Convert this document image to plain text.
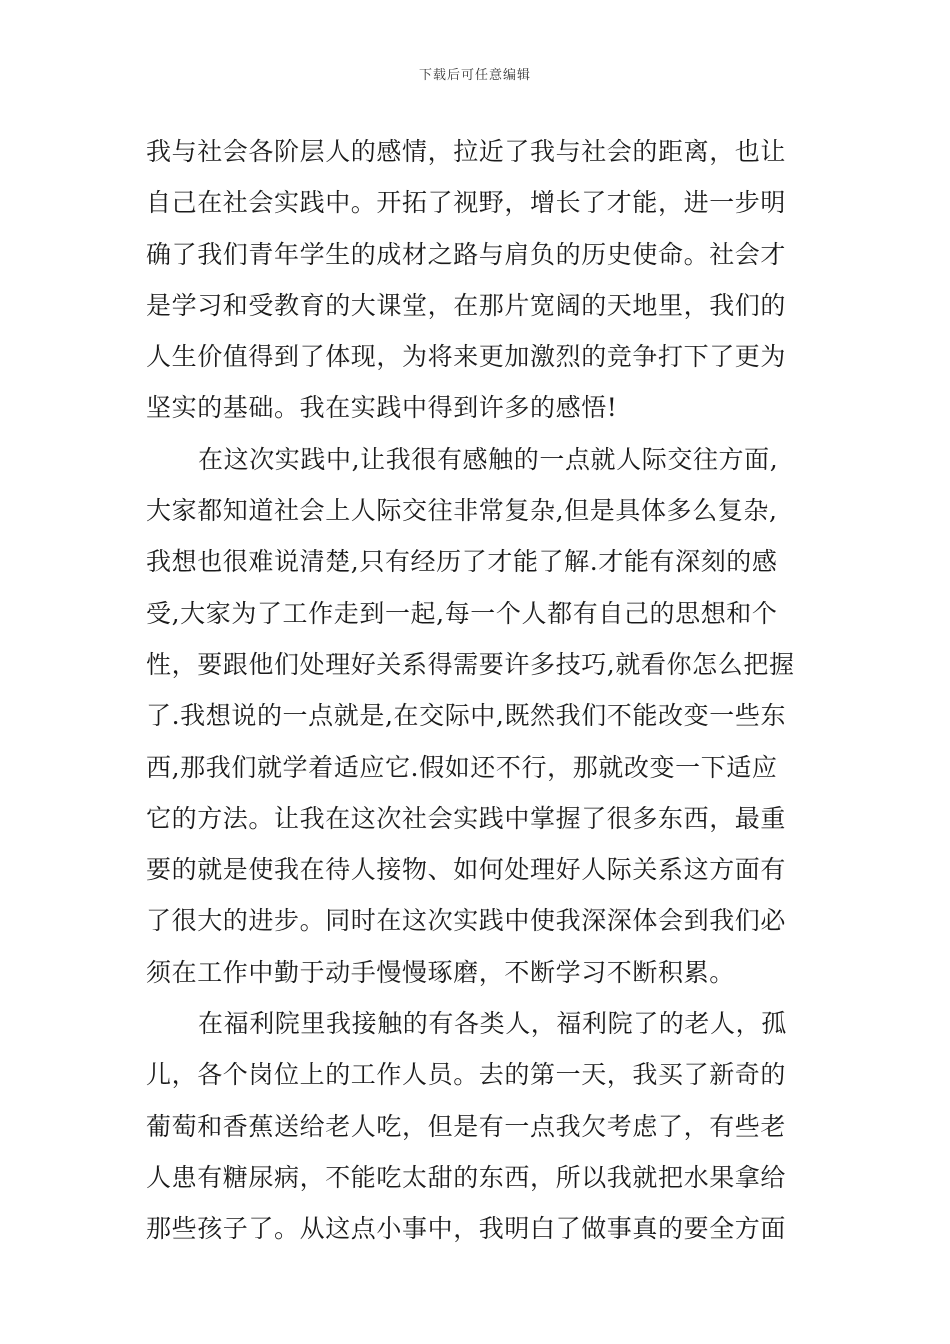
下载后可任意编辑
我与社会各阶层人的感情，拉近了我与社会的距离，也让
自己在社会实践中。开拓了视野，增长了才能，进一步明
确了我们青年学生的成材之路与肩负的历史使命。社会才
是学习和受教育的大课堂，在那片宽阔的天地里，我们的
人生价值得到了体现，为将来更加激烈的竞争打下了更为
坚实的基础。我在实践中得到许多的感悟!
在这次实践中,让我很有感触的一点就人际交往方面,
大家都知道社会上人际交往非常复杂,但是具体多么复杂,
我想也很难说清楚,只有经历了才能了解.才能有深刻的感
受,大家为了工作走到一起,每一个人都有自己的思想和个
性，要跟他们处理好关系得需要许多技巧,就看你怎么把握
了.我想说的一点就是,在交际中,既然我们不能改变一些东
西,那我们就学着适应它.假如还不行，那就改变一下适应
它的方法。让我在这次社会实践中掌握了很多东西，最重
要的就是使我在待人接物、如何处理好人际关系这方面有
了很大的进步。同时在这次实践中使我深深体会到我们必
须在工作中勤于动手慢慢琢磨，不断学习不断积累。
在福利院里我接触的有各类人，福利院了的老人，孤
儿，各个岗位上的工作人员。去的第一天，我买了新奇的
葡萄和香蕉送给老人吃，但是有一点我欠考虑了，有些老
人患有糖尿病，不能吃太甜的东西，所以我就把水果拿给
那些孩子了。从这点小事中，我明白了做事真的要全方面
